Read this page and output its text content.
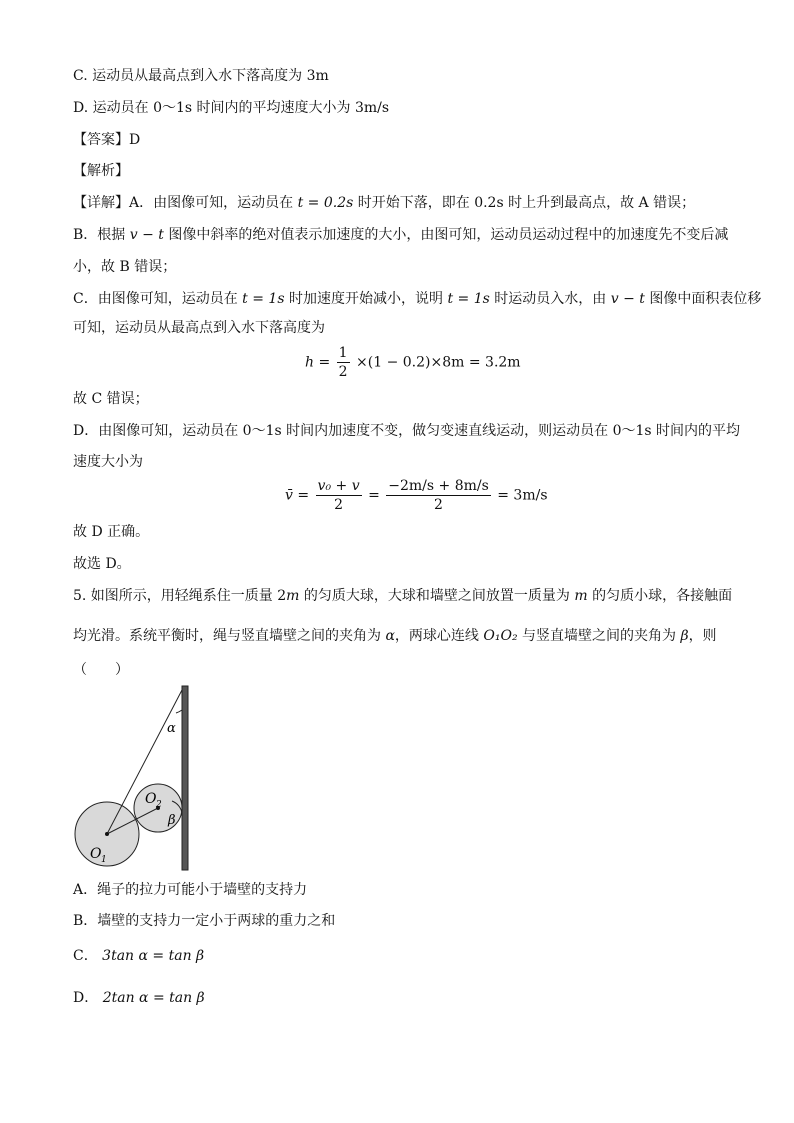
C. 运动员从最高点到入水下落高度为 3m
D. 运动员在 0～1s 时间内的平均速度大小为 3m/s
【答案】D
【解析】
【详解】A．由图像可知，运动员在 t = 0.2s 时开始下落，即在 0.2s 时上升到最高点，故 A 错误；
B．根据 v − t 图像中斜率的绝对值表示加速度的大小，由图可知，运动员运动过程中的加速度先不变后减
小，故 B 错误；
C．由图像可知，运动员在 t = 1s 时加速度开始减小，说明 t = 1s 时运动员入水，由 v − t 图像中面积表位移
可知，运动员从最高点到入水下落高度为
$h = \frac{1}{2} \times(1 - 0.2)\times 8m = 3.2m$
故 C 错误；
D．由图像可知，运动员在 0～1s 时间内加速度不变，做匀变速直线运动，则运动员在 0～1s 时间内的平均
速度大小为
v̄ = $\frac{\text{v₀ + v}}{2} = \frac{-2m/s + 8m/s}{2} = 3m/s$
故 D 正确。
故选 D。
5. 如图所示，用轻绳系住一质量 2m 的匀质大球，大球和墙壁之间放置一质量为 m 的匀质小球，各接触面
均光滑。系统平衡时，绳与竖直墙壁之间的夹角为 α，两球心连线 O₁O₂ 与竖直墙壁之间的夹角为 β，则
（　　）
α
β
O 1
O 2
A．绳子的拉力可能小于墙壁的支持力
B．墙壁的支持力一定小于两球的重力之和
C． 3tan α = tan β
D． 2tan α = tan β
